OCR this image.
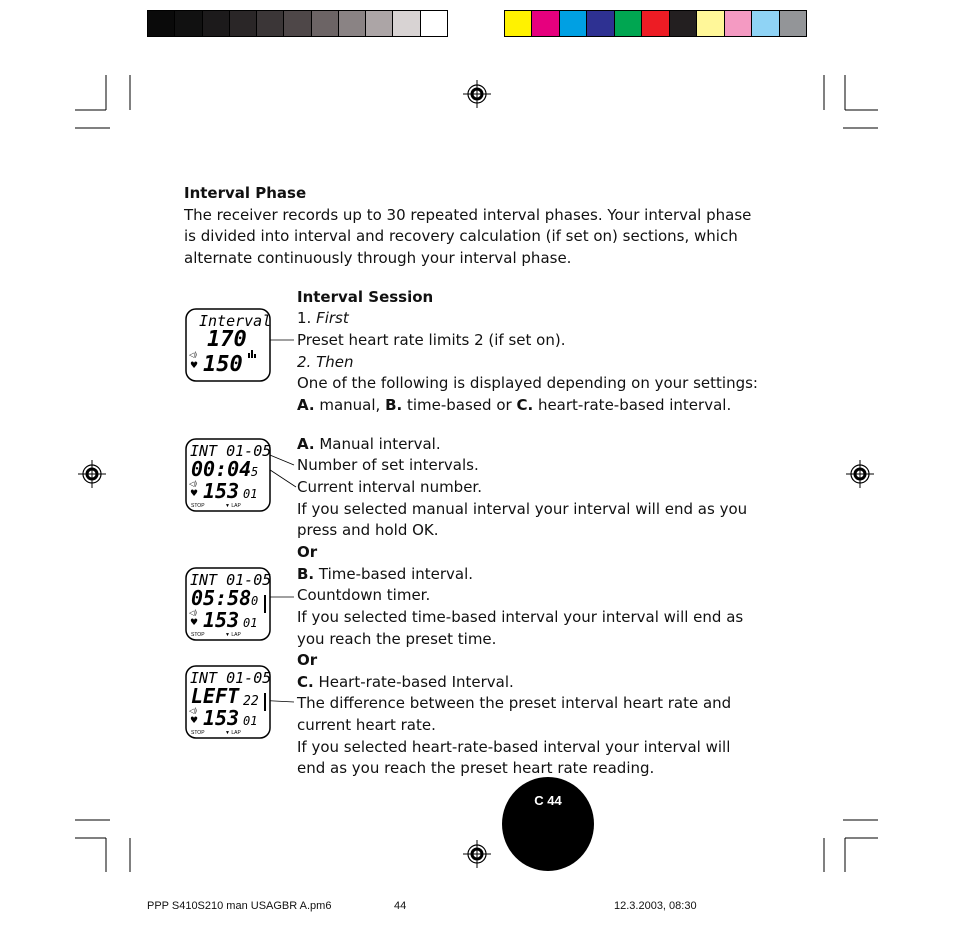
Interval Phase
The receiver records up to 30 repeated interval phases. Your interval phase
is divided into interval and recovery calculation (if set on) sections, which
alternate continuously through your interval phase.
Interval Session
1. First
Preset heart rate limits 2 (if set on).
2. Then
One of the following is displayed depending on your settings:
A. manual, B. time-based or C. heart-rate-based interval.
A. Manual interval.
Number of set intervals.
Current interval number.
If you selected manual interval your interval will end as you
press and hold OK.
Or
B. Time-based interval.
Countdown timer.
If you selected time-based interval your interval will end as
you reach the preset time.
Or
C. Heart-rate-based Interval.
The difference between the preset interval heart rate and
current heart rate.
If you selected heart-rate-based interval your interval will
end as you reach the preset heart rate reading.
Interval
170
150
◁)
♥
INT 01-05
00:04 5
153 01
◁)
♥
STOP	▼ LAP
INT 01-05
05:58 0
153 01
◁)
♥
STOP	▼ LAP
INT 01-05
LEFT 22
153 01
◁)
♥
STOP	▼ LAP
C 44
PPP S410S210 man USAGBR A.pm6	44	12.3.2003, 08:30
